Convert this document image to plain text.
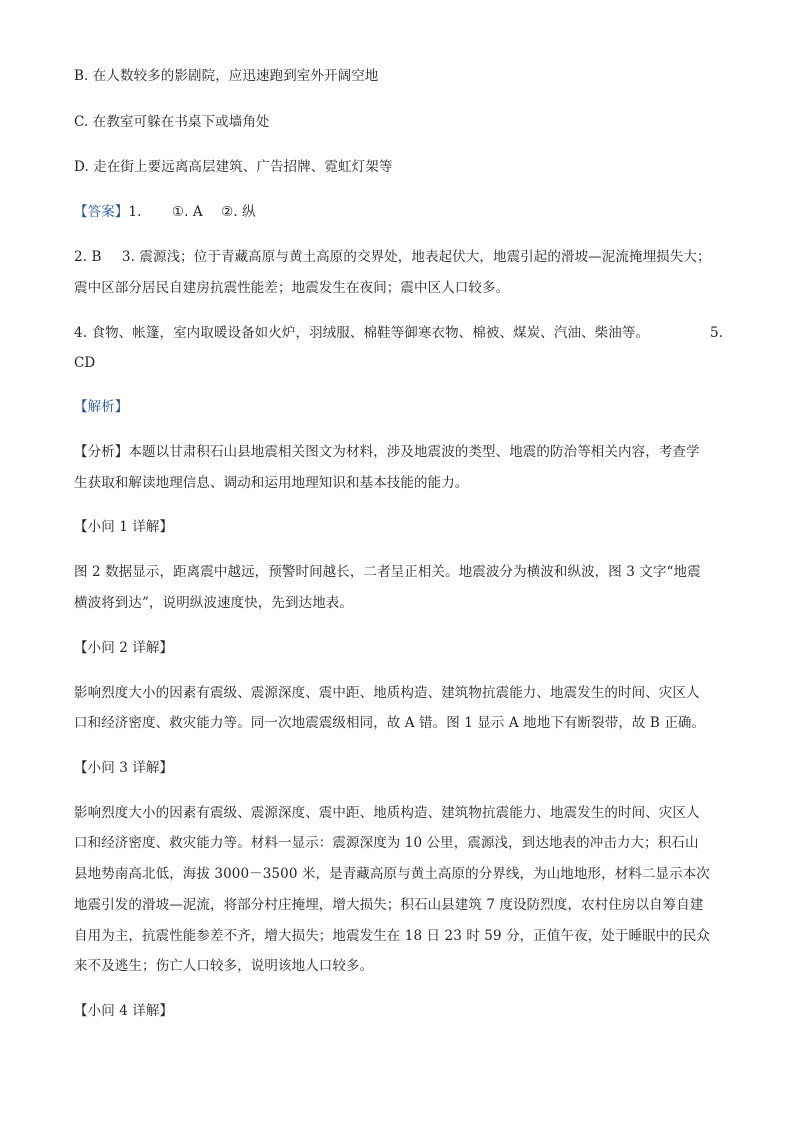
B. 在人数较多的影剧院，应迅速跑到室外开阔空地
C. 在教室可躲在书桌下或墙角处
D. 走在街上要远离高层建筑、广告招牌、霓虹灯架等
【答案】1. ①. A ②. 纵
2. B 3. 震源浅；位于青藏高原与黄土高原的交界处，地表起伏大，地震引起的滑坡—泥流掩埋损失大；
震中区部分居民自建房抗震性能差；地震发生在夜间；震中区人口较多。
4. 食物、帐篷，室内取暖设备如火炉，羽绒服、棉鞋等御寒衣物、棉被、煤炭、汽油、柴油等。	5.
CD
【解析】
【分析】本题以甘肃积石山县地震相关图文为材料，涉及地震波的类型、地震的防治等相关内容，考查学
生获取和解读地理信息、调动和运用地理知识和基本技能的能力。
【小问 1 详解】
图 2 数据显示，距离震中越远，预警时间越长，二者呈正相关。地震波分为横波和纵波，图 3 文字“地震
横波将到达”，说明纵波速度快，先到达地表。
【小问 2 详解】
影响烈度大小的因素有震级、震源深度、震中距、地质构造、建筑物抗震能力、地震发生的时间、灾区人
口和经济密度、救灾能力等。同一次地震震级相同，故 A 错。图 1 显示 A 地地下有断裂带，故 B 正确。
【小问 3 详解】
影响烈度大小的因素有震级、震源深度、震中距、地质构造、建筑物抗震能力、地震发生的时间、灾区人
口和经济密度、救灾能力等。材料一显示：震源深度为 10 公里，震源浅，到达地表的冲击力大；积石山
县地势南高北低，海拔 3000－3500 米，是青藏高原与黄土高原的分界线，为山地地形，材料二显示本次
地震引发的滑坡—泥流，将部分村庄掩埋，增大损失；积石山县建筑 7 度设防烈度，农村住房以自筹自建
自用为主，抗震性能参差不齐，增大损失；地震发生在 18 日 23 时 59 分，正值午夜，处于睡眠中的民众
来不及逃生；伤亡人口较多，说明该地人口较多。
【小问 4 详解】
